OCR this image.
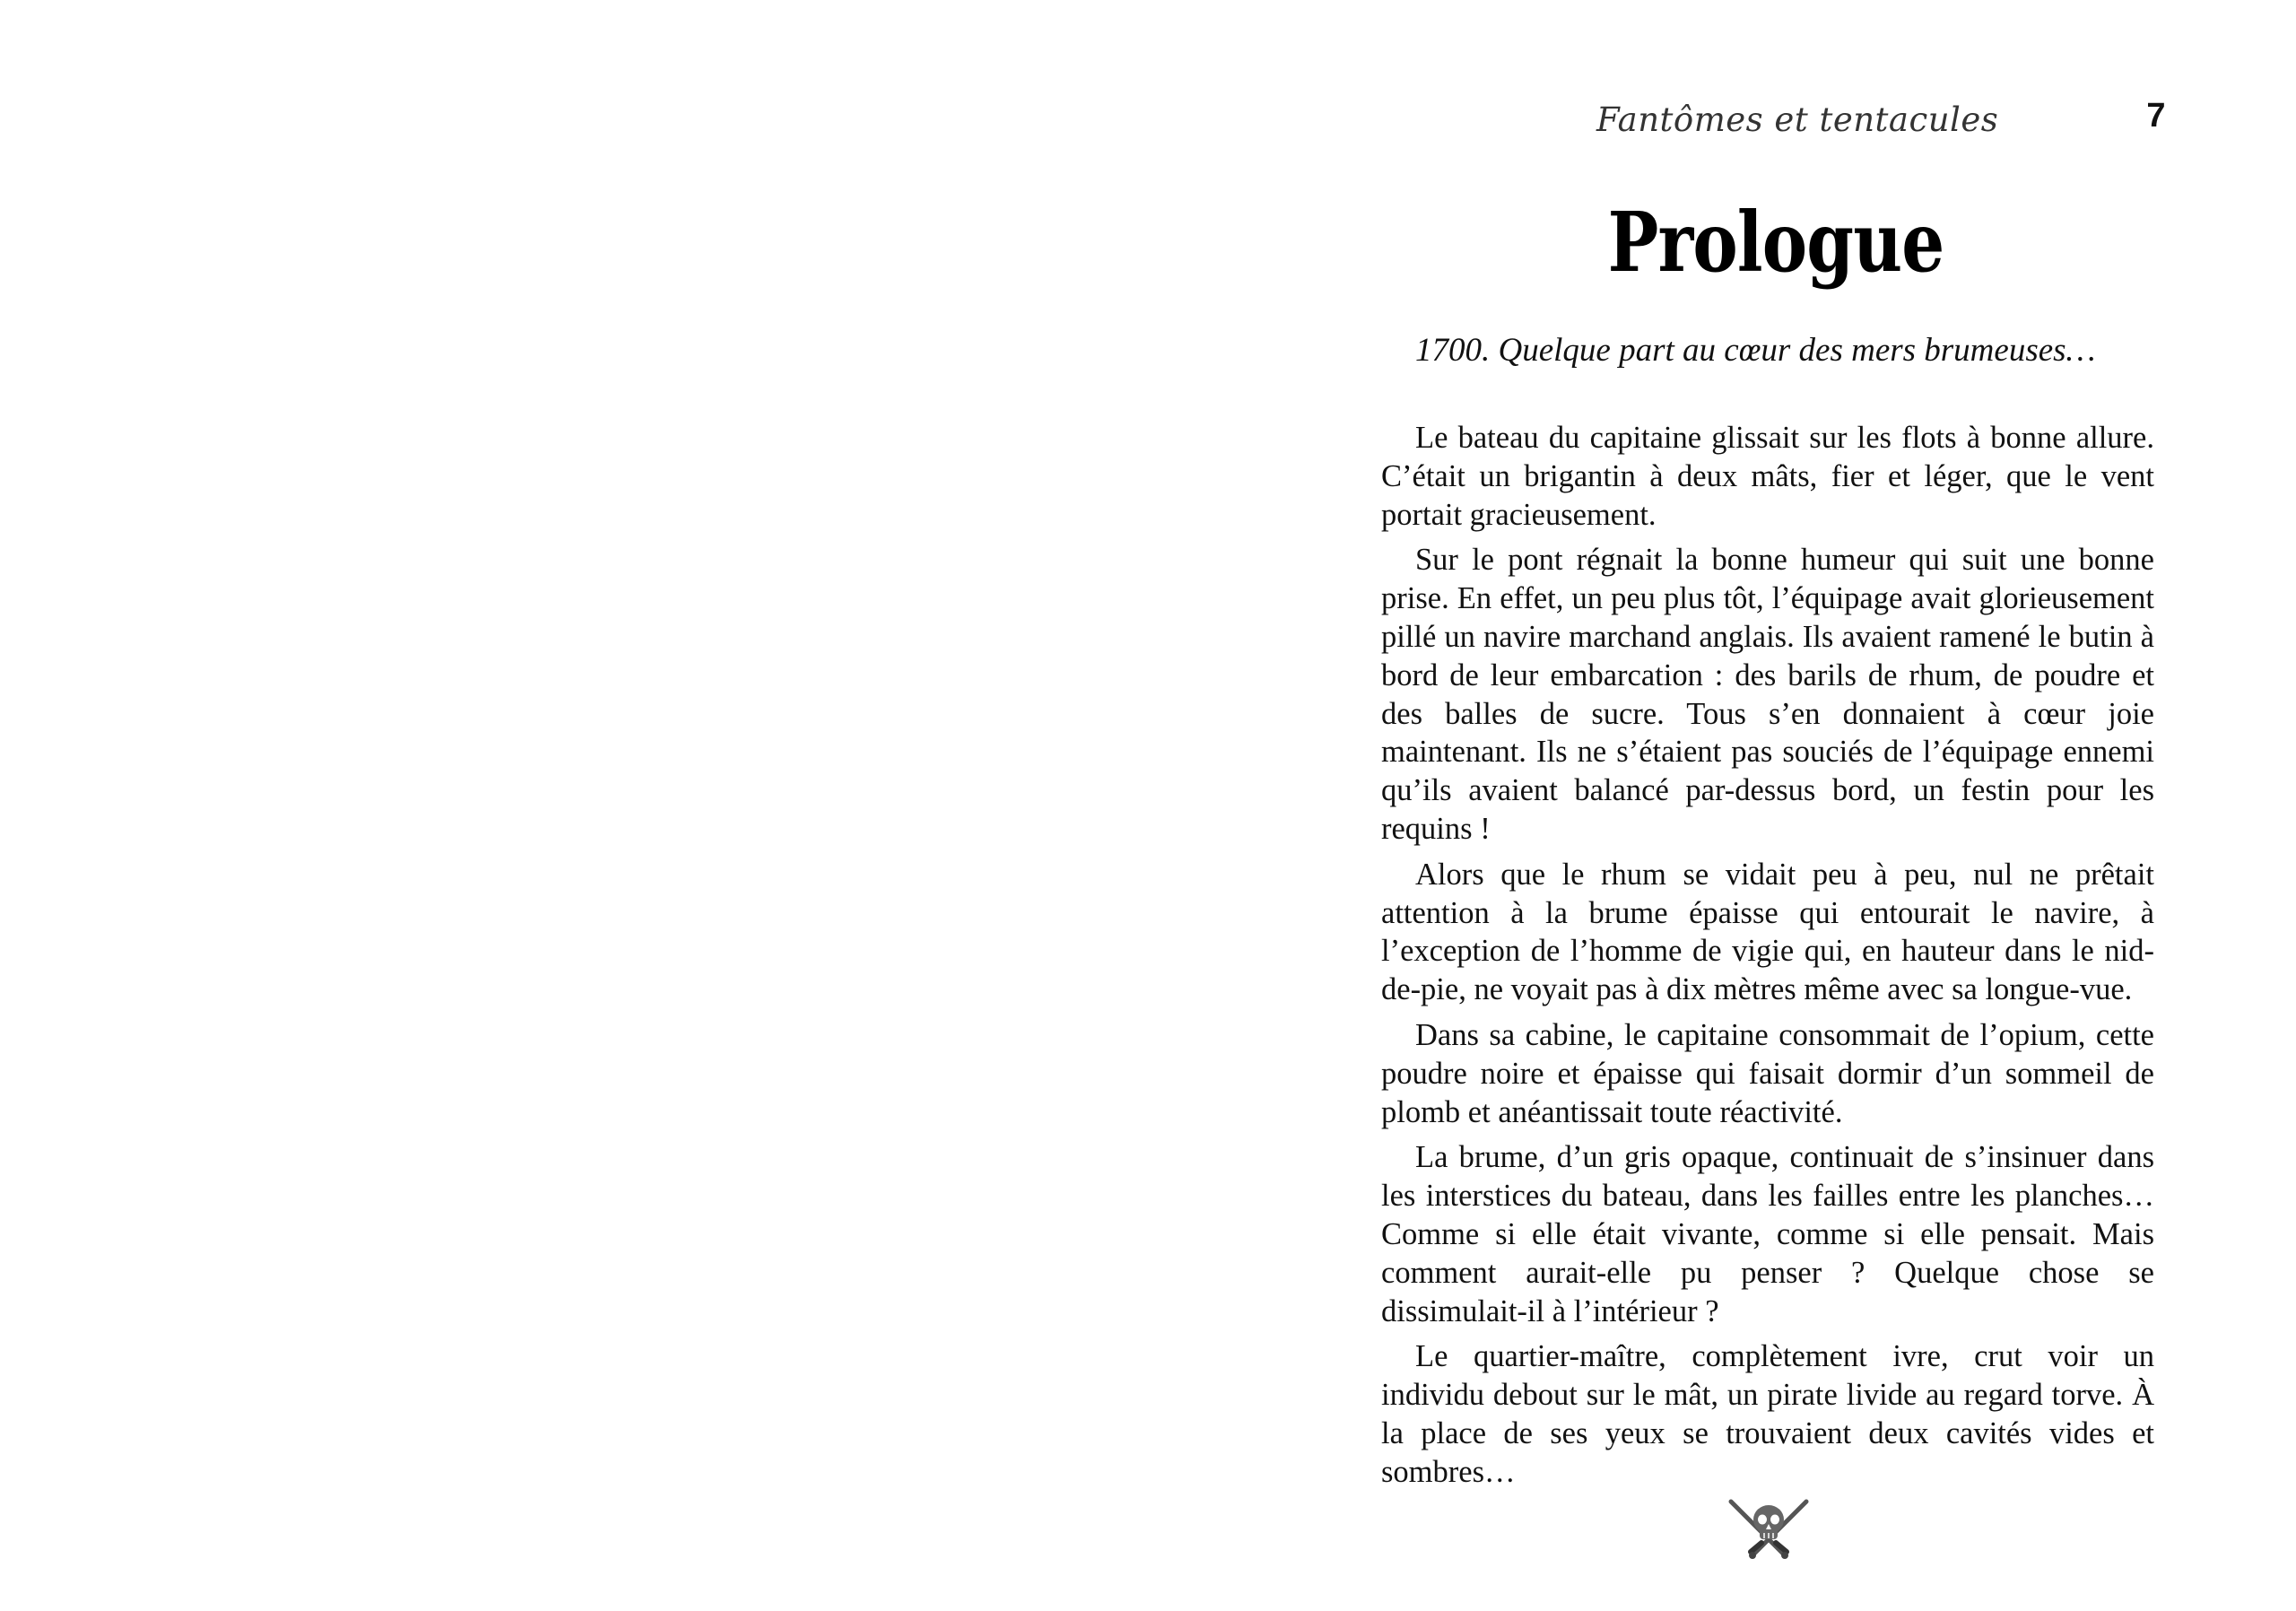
Fantômes et tentacules	7
Prologue
1700. Quelque part au cœur des mers brumeuses…

Le bateau du capitaine glissait sur les flots à bonne allure. C’était un brigantin à deux mâts, fier et léger, que le vent portait gracieusement.

Sur le pont régnait la bonne humeur qui suit une bonne prise. En effet, un peu plus tôt, l’équipage avait glorieusement pillé un navire marchand anglais. Ils avaient ramené le butin à bord de leur embarcation : des barils de rhum, de poudre et des balles de sucre. Tous s’en donnaient à cœur joie maintenant. Ils ne s’étaient pas souciés de l’équipage ennemi qu’ils avaient balancé par-dessus bord, un festin pour les requins !

Alors que le rhum se vidait peu à peu, nul ne prêtait attention à la brume épaisse qui entourait le navire, à l’exception de l’homme de vigie qui, en hauteur dans le nid-de-pie, ne voyait pas à dix mètres même avec sa longue-vue.

Dans sa cabine, le capitaine consommait de l’opium, cette poudre noire et épaisse qui faisait dormir d’un sommeil de plomb et anéantissait toute réactivité.

La brume, d’un gris opaque, continuait de s’insinuer dans les interstices du bateau, dans les failles entre les planches… Comme si elle était vivante, comme si elle pensait. Mais comment aurait-elle pu penser ? Quelque chose se dissimulait-il à l’intérieur ?

Le quartier-maître, complètement ivre, crut voir un individu debout sur le mât, un pirate livide au regard torve. À la place de ses yeux se trouvaient deux cavités vides et sombres…
